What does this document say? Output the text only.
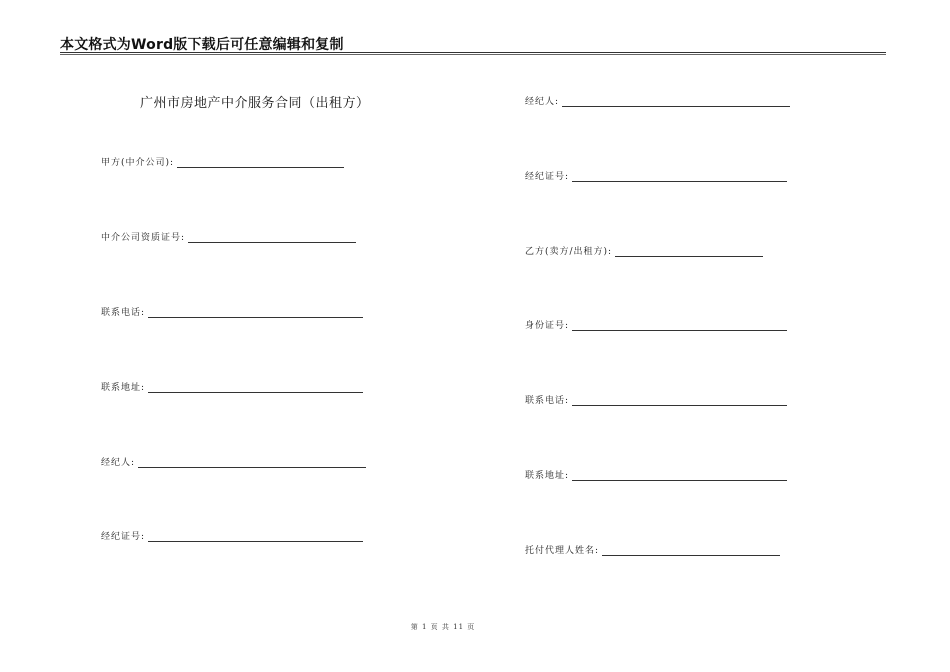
本文格式为Word版下载后可任意编辑和复制
广州市房地产中介服务合同（出租方）
甲方(中介公司):
中介公司资质证号:
联系电话:
联系地址:
经纪人:
经纪证号:
经纪人:
经纪证号:
乙方(卖方/出租方):
身份证号:
联系电话:
联系地址:
托付代理人姓名:
第 1 页 共 11 页
